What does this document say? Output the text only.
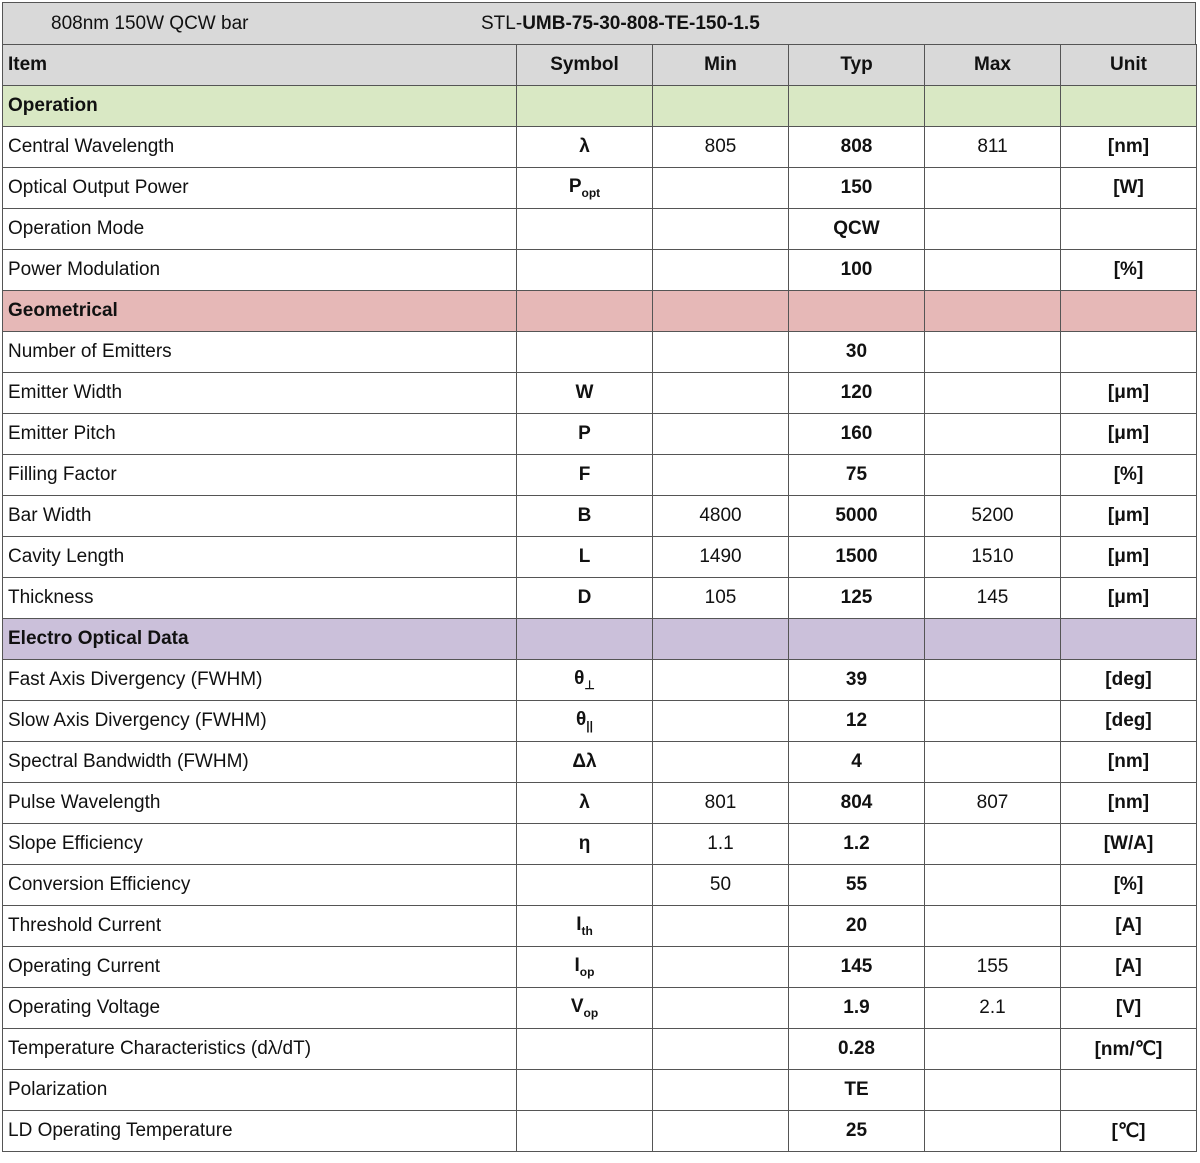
808nm 150W QCW bar	STL-UMB-75-30-808-TE-150-1.5
Item	Symbol	Min	Typ	Max	Unit
Operation					
Central Wavelength	λ	805	808	811	[nm]
Optical Output Power	$P_{opt}$		150		[W]
Operation Mode			QCW		
Power Modulation			100		[%]
Geometrical					
Number of Emitters			30		
Emitter Width	W		120		[μm]
Emitter Pitch	P		160		[μm]
Filling Factor	F		75		[%]
Bar Width	B	4800	5000	5200	[μm]
Cavity Length	L	1490	1500	1510	[μm]
Thickness	D	105	125	145	[μm]
Electro Optical Data					
Fast Axis Divergency (FWHM)	$\theta_\perp$		39		[deg]
Slow Axis Divergency (FWHM)	$\theta_{||}$		12		[deg]
Spectral Bandwidth (FWHM)	Δλ		4		[nm]
Pulse Wavelength	λ	801	804	807	[nm]
Slope Efficiency	η	1.1	1.2		[W/A]
Conversion Efficiency		50	55		[%]
Threshold Current	$I_{th}$		20		[A]
Operating Current	$I_{op}$		145	155	[A]
Operating Voltage	$V_{op}$		1.9	2.1	[V]
Temperature Characteristics (dλ/dT)			0.28		[nm/℃]
Polarization			TE		
LD Operating Temperature			25		[℃]
